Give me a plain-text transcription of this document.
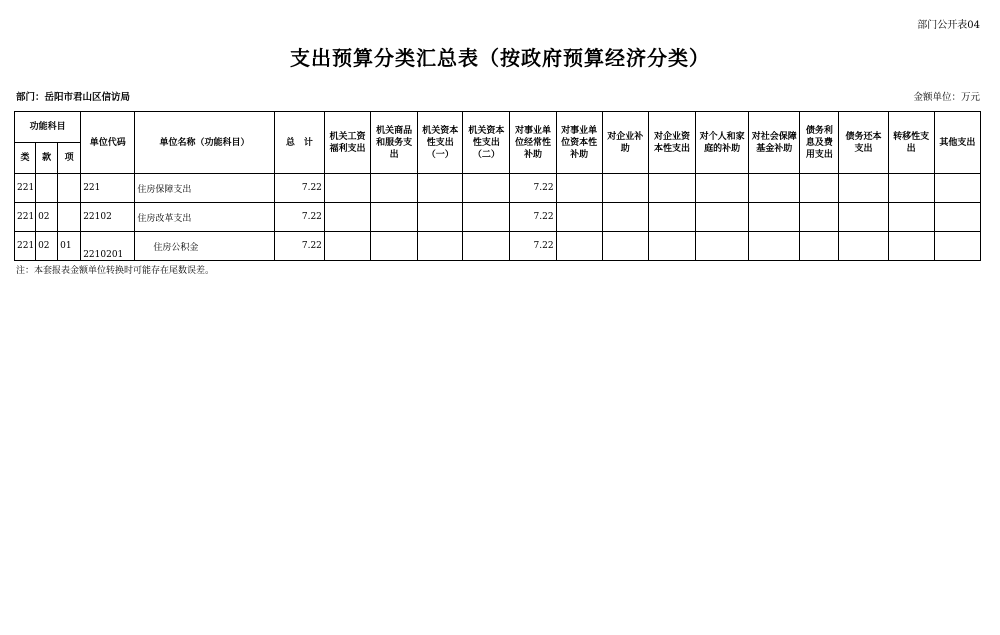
部门公开表04
支出预算分类汇总表（按政府预算经济分类）
部门：岳阳市君山区信访局	金额单位：万元
功能科目			单位代码	单位名称（功能科目）	总　计	机关工资福利支出	机关商品和服务支出	机关资本性支出（一）	机关资本性支出（二）	对事业单位经常性补助	对事业单位资本性补助	对企业补助	对企业资本性支出	对个人和家庭的补助	对社会保障基金补助	债务利息及费用支出	债务还本支出	转移性支出	其他支出
类	款	项																	
221			221	住房保障支出	7.22					7.22									
221	02		22102	住房改革支出	7.22					7.22									
221	02	01	2210201	住房公积金	7.22					7.22									
注：本套报表金额单位转换时可能存在尾数误差。
